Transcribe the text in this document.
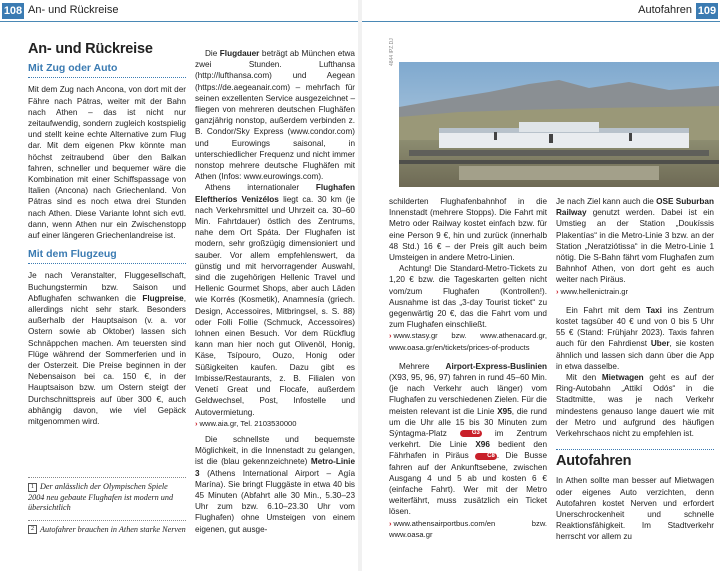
108 An- und Rückreise	Autofahren 109
An- und Rückreise
Mit Zug oder Auto

Mit dem Zug nach Ancona, von dort mit der Fähre nach Pátras, weiter mit der Bahn nach Athen – das ist nicht nur zeitaufwendig, sondern zugleich kostspielig und stellt keine echte Alternative zum Flug dar. Mit dem eigenen Pkw könnte man höchst zeitraubend über den Balkan fahren, schneller und bequemer wäre die Kombination mit einer Schiffspassage von Italien (Ancona) nach Griechenland. Von Pátras sind es noch etwa drei Stunden nach Athen. Diese Variante lohnt sich evtl. dann, wenn Athen nur ein Zwischenstopp auf einer längeren Griechenlandreise ist.

Mit dem Flugzeug

Je nach Veranstalter, Fluggesellschaft, Buchungstermin bzw. Saison und Abflughafen schwanken die Flugpreise, allerdings nicht sehr stark. Besonders außerhalb der Hauptsaison (v. a. vor Ostern sowie ab Oktober) lassen sich Schnäppchen machen. Am teuersten sind Flüge während der Sommerferien und in der Osterzeit. Die Preise beginnen in der Nebensaison bei ca. 150 €, in der Hauptsaison bzw. um Ostern steigt der Durchschnittspreis auf über 300 €, auch abhängig davon, wie viel Gepäck mitgenommen wird.

1 Der anlässlich der Olympischen Spiele 2004 neu gebaute Flughafen ist modern und übersichtlich
2 Autofahrer brauchen in Athen starke Nerven

Die Flugdauer beträgt ab München etwa zwei Stunden. Lufthansa (http://lufthansa.com) und Aegean (https://de.aegeanair.com) – mehrfach für seinen exzellenten Service ausgezeichnet – fliegen von mehreren deutschen Flughäfen ganzjährig nonstop, außerdem verbinden z. B. Condor/Sky Express (www.condor.com) und Eurowings saisonal, in unterschiedlicher Frequenz und nicht immer nonstop mehrere deutsche Flughäfen mit Athen (Infos: www.eurowings.com).

Athens internationaler Flughafen Eleftheríos Venizélos liegt ca. 30 km (je nach Verkehrsmittel und Uhrzeit ca. 30–60 Min. Fahrtdauer) östlich des Zentrums, nahe dem Ort Spáta. Der Flughafen ist modern, sehr großzügig dimensioniert und sauber. Vor allem empfehlenswert, da günstig und mit hervorragender Auswahl, sind die zugehörigen Hellenic Travel und Hellenic Gourmet Shops, aber auch Läden wie Korrés (Kosmetik), Anamnesía (griech. Design, Accessoires, Mitbringsel, s. S. 88) oder Folli Follie (Schmuck, Accessoires) lohnen einen Besuch. Vor dem Rückflug kann man hier noch gut Olivenöl, Honig, Käse, Tsípouro, Ouzo, Honig oder Süßigkeiten kaufen. Dazu gibt es Imbisse/Restaurants, z. B. Filialen von Venetí Great und Flocafe, außerdem Geldwechsel, Post, Infostelle und Autovermietung.

› www.aia.gr, Tel. 2103530000

Die schnellste und bequemste Möglichkeit, in die Innenstadt zu gelangen, ist die (blau gekennzeichnete) Metro-Linie 3 (Athens International Airport – Agía Marína). Sie bringt Fluggäste in etwa 40 bis 45 Minuten (Abfahrt alle 30 Min., 5.30–23 Uhr zum bzw. 6.10–23.30 Uhr vom Flughafen) ohne Umsteigen von einem eigenen, gut ausge-

4844 IPZ.DJ

schilderten Flughafenbahnhof in die Innenstadt (mehrere Stopps). Die Fahrt mit Metro oder Railway kostet einfach bzw. für eine Person 9 €, hin und zurück (innerhalb 48 Std.) 16 € – der Preis gilt auch beim Umsteigen in andere Metro-Linien.

Achtung! Die Standard-Metro-Tickets zu 1,20 € bzw. die Tageskarten gelten nicht vom/zum Flughafen (Kontrollen!). Ausnahme ist das „3-day Tourist ticket“ zu gegenwärtig 20 €, das die Fahrt vom und zum Flughafen einschließt.

› www.stasy.gr bzw. www.athenacard.gr, www.oasa.gr/en/tickets/prices-of-products

Mehrere Airport-Express-Buslinien (X93, 95, 96, 97) fahren in rund 45–60 Min. (je nach Verkehr auch länger) vom Flughafen zu verschiedenen Zielen. Für die meisten relevant ist die Linie X95, die rund um die Uhr alle 15 bis 30 Minuten zum Sýntagma-Platz G3 im Zentrum verkehrt. Die Linie X96 bedient den Fährhafen in Piräus C8 . Die Busse fahren auf der Ankunftsebene, zwischen Ausgang 4 und 5 ab und kosten 6 € (einfache Fahrt). Wer mit der Metro weiterfährt, muss zusätzlich ein Ticket lösen.

› www.athensairportbus.com/en bzw. www.oasa.gr

Je nach Ziel kann auch die OSE Suburban Railway genutzt werden. Dabei ist ein Umstieg an der Station „Doukíssis Plakentías“ in die Metro-Linie 3 bzw. an der Station „Neratziótissa“ in die Metro-Linie 1 nötig. Die S-Bahn fährt vom Flughafen zum Bahnhof Athen, von dort geht es auch weiter nach Piräus.

› www.hellenictrain.gr

Ein Fahrt mit dem Taxi ins Zentrum kostet tagsüber 40 € und von 0 bis 5 Uhr 55 € (Stand: Frühjahr 2023). Taxis fahren auch für den Fahrdienst Uber, sie kosten ähnlich und lassen sich dann über die App in etwa dasselbe.

Mit den Mietwagen geht es auf der Ring-Autobahn „Attikí Odós“ in die Stadtmitte, was je nach Verkehr mindestens genauso lange dauert wie mit der Metro und aufgrund des häufigen Verkehrschaos nicht zu empfehlen ist.

Autofahren

In Athen sollte man besser auf Mietwagen oder eigenes Auto verzichten, denn Autofahren kostet Nerven und erfordert Unerschrockenheit und schnelle Reaktionsfähigkeit. Im Stadtverkehr herrscht vor allem zu
